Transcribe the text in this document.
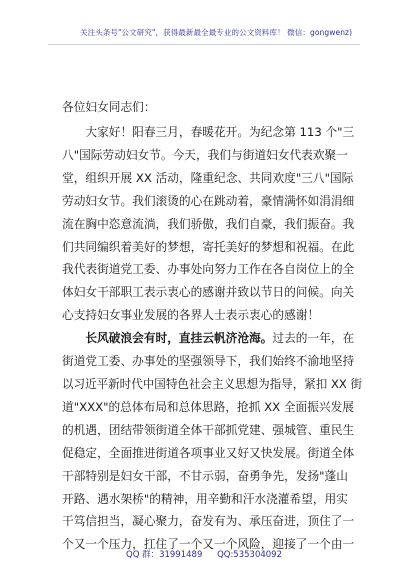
关注头条号"公文研究"，获得最新最全最专业的公文资料库！ 微信：gongwenz)

各位妇女同志们：

　　大家好！阳春三月，春暖花开。为纪念第 113 个"三
八"国际劳动妇女节。今天，我们与街道妇女代表欢聚一
堂，组织开展 XX 活动，隆重纪念、共同欢度"三八"国际
劳动妇女节。我们滚烫的心在跳动着，豪情满怀如涓涓细
流在胸中恣意流淌，我们骄傲，我们自豪，我们振奋。我
们共同编织着美好的梦想，寄托美好的梦想和祝福。在此
我代表街道党工委、办事处向努力工作在各自岗位上的全
体妇女干部职工表示衷心的感谢并致以节日的问候。向关
心支持妇女事业发展的各界人士表示衷心的感谢！

　　长风破浪会有时，直挂云帆济沧海。过去的一年，在
街道党工委、办事处的坚强领导下，我们始终不渝地坚持
以习近平新时代中国特色社会主义思想为指导，紧扣 XX 街
道"XXX"的总体布局和总体思路，抢抓 XX 全面振兴发展
的机遇，团结带领街道全体干部抓党建、强城管、重民生
促稳定，全面推进街道各项事业又好又快发展。街道全体
干部特别是妇女干部，不甘示弱，奋勇争先，发扬"蓬山
开路、遇水架桥"的精神，用辛勤和汗水浇灌希望，用实
干笃信担当，凝心聚力，奋发有为、承压奋进，顶住了一
个又一个压力，扛住了一个又一个风险，迎接了一个由一

QQ 群：31991489 QQ:535304092
